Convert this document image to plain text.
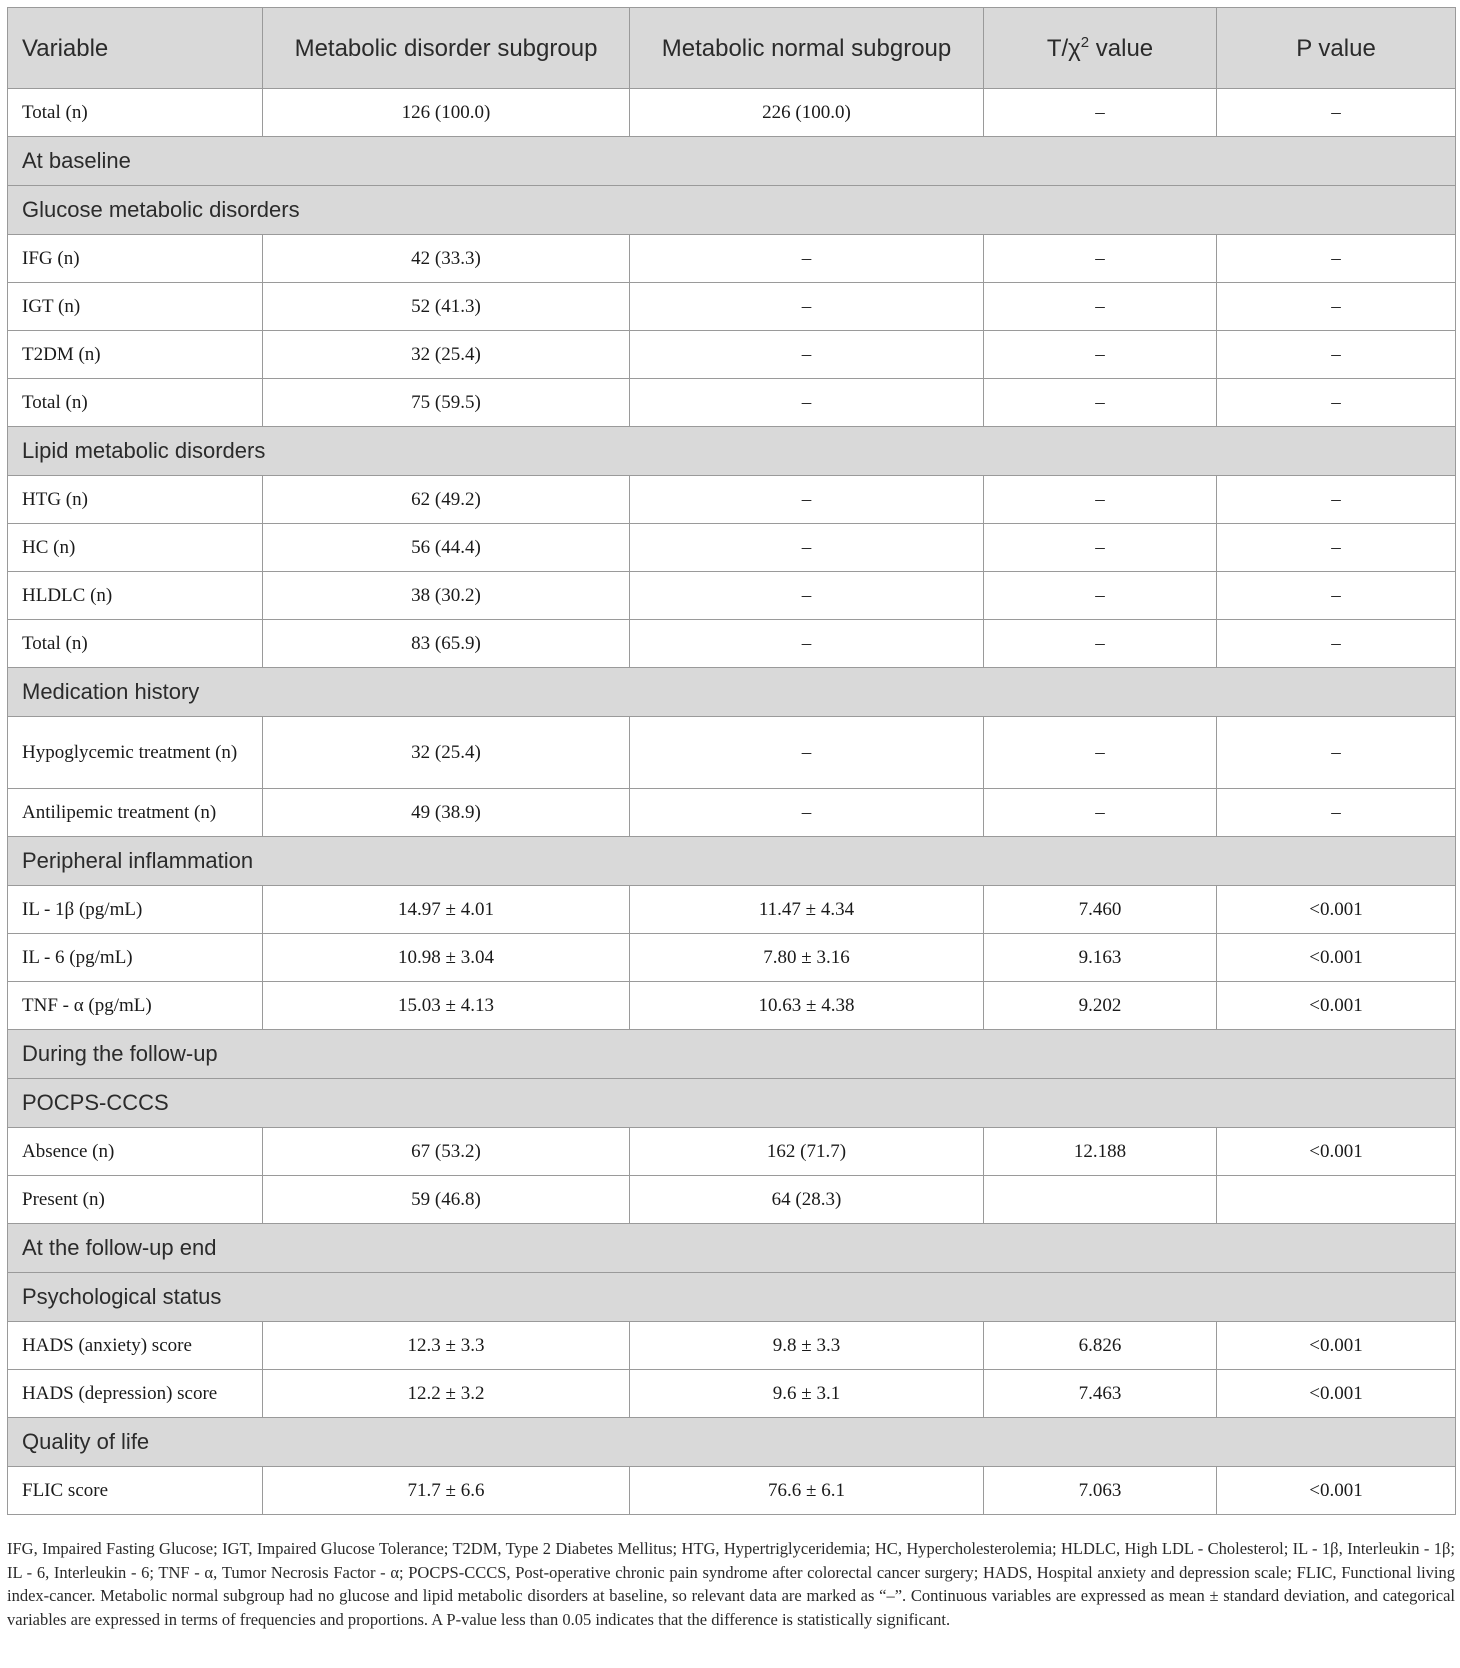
Variable	Metabolic disorder subgroup	Metabolic normal subgroup	$T/\chi^2$ value	P value
Total (n)	126 (100.0)	226 (100.0)	–	–
At baseline				
Glucose metabolic disorders				
IFG (n)	42 (33.3)	–	–	–
IGT (n)	52 (41.3)	–	–	–
T2DM (n)	32 (25.4)	–	–	–
Total (n)	75 (59.5)	–	–	–
Lipid metabolic disorders				
HTG (n)	62 (49.2)	–	–	–
HC (n)	56 (44.4)	–	–	–
HLDLC (n)	38 (30.2)	–	–	–
Total (n)	83 (65.9)	–	–	–
Medication history				
Hypoglycemic treatment (n)	32 (25.4)	–	–	–
Antilipemic treatment (n)	49 (38.9)	–	–	–
Peripheral inflammation				
IL - 1β (pg/mL)	14.97 ± 4.01	11.47 ± 4.34	7.460	<0.001
IL - 6 (pg/mL)	10.98 ± 3.04	7.80 ± 3.16	9.163	<0.001
TNF - α (pg/mL)	15.03 ± 4.13	10.63 ± 4.38	9.202	<0.001
During the follow-up				
POCPS-CCCS				
Absence (n)	67 (53.2)	162 (71.7)	12.188	<0.001
Present (n)	59 (46.8)	64 (28.3)		
At the follow-up end				
Psychological status				
HADS (anxiety) score	12.3 ± 3.3	9.8 ± 3.3	6.826	<0.001
HADS (depression) score	12.2 ± 3.2	9.6 ± 3.1	7.463	<0.001
Quality of life				
FLIC score	71.7 ± 6.6	76.6 ± 6.1	7.063	<0.001
IFG, Impaired Fasting Glucose; IGT, Impaired Glucose Tolerance; T2DM, Type 2 Diabetes Mellitus; HTG, Hypertriglyceridemia; HC, Hypercholesterolemia; HLDLC, High LDL - Cholesterol; IL - 1β, Interleukin - 1β; IL - 6, Interleukin - 6; TNF - α, Tumor Necrosis Factor - α; POCPS-CCCS, Post-operative chronic pain syndrome after colorectal cancer surgery; HADS, Hospital anxiety and depression scale; FLIC, Functional living index-cancer. Metabolic normal subgroup had no glucose and lipid metabolic disorders at baseline, so relevant data are marked as “–”. Continuous variables are expressed as mean ± standard deviation, and categorical variables are expressed in terms of frequencies and proportions. A P-value less than 0.05 indicates that the difference is statistically significant.
